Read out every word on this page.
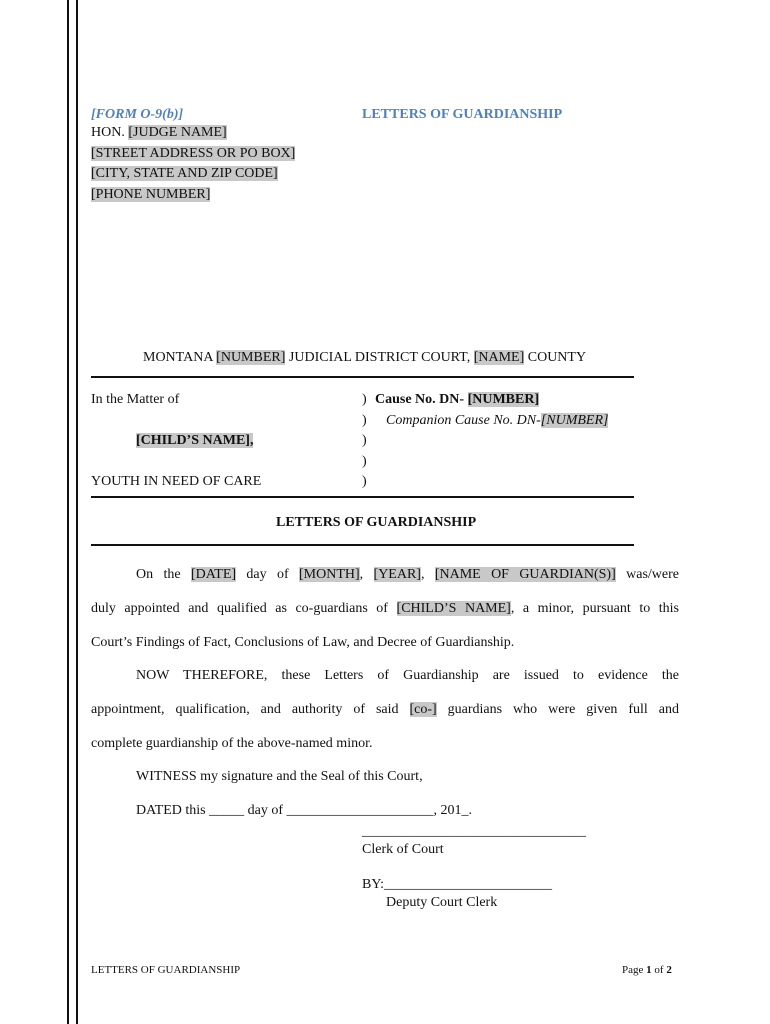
[FORM O-9(b)]	LETTERS OF GUARDIANSHIP
HON. [JUDGE NAME]
[STREET ADDRESS OR PO BOX]
[CITY, STATE AND ZIP CODE]
[PHONE NUMBER]
MONTANA [NUMBER] JUDICIAL DISTRICT COURT, [NAME] COUNTY
In the Matter of
[CHILD’S NAME],
YOUTH IN NEED OF CARE
)
)
)
)
)
Cause No. DN- [NUMBER]
Companion Cause No. DN-[NUMBER]
LETTERS OF GUARDIANSHIP
On the [DATE] day of [MONTH], [YEAR], [NAME OF GUARDIAN(S)] was/were
duly appointed and qualified as co-guardians of [CHILD’S NAME], a minor, pursuant to this
Court’s Findings of Fact, Conclusions of Law, and Decree of Guardianship.
NOW THEREFORE, these Letters of Guardianship are issued to evidence the
appointment, qualification, and authority of said [co-] guardians who were given full and
complete guardianship of the above-named minor.
WITNESS my signature and the Seal of this Court,
DATED this _____ day of _____________________, 201_.
________________________________
Clerk of Court
BY:________________________
Deputy Court Clerk
LETTERS OF GUARDIANSHIP	Page 1 of 2
